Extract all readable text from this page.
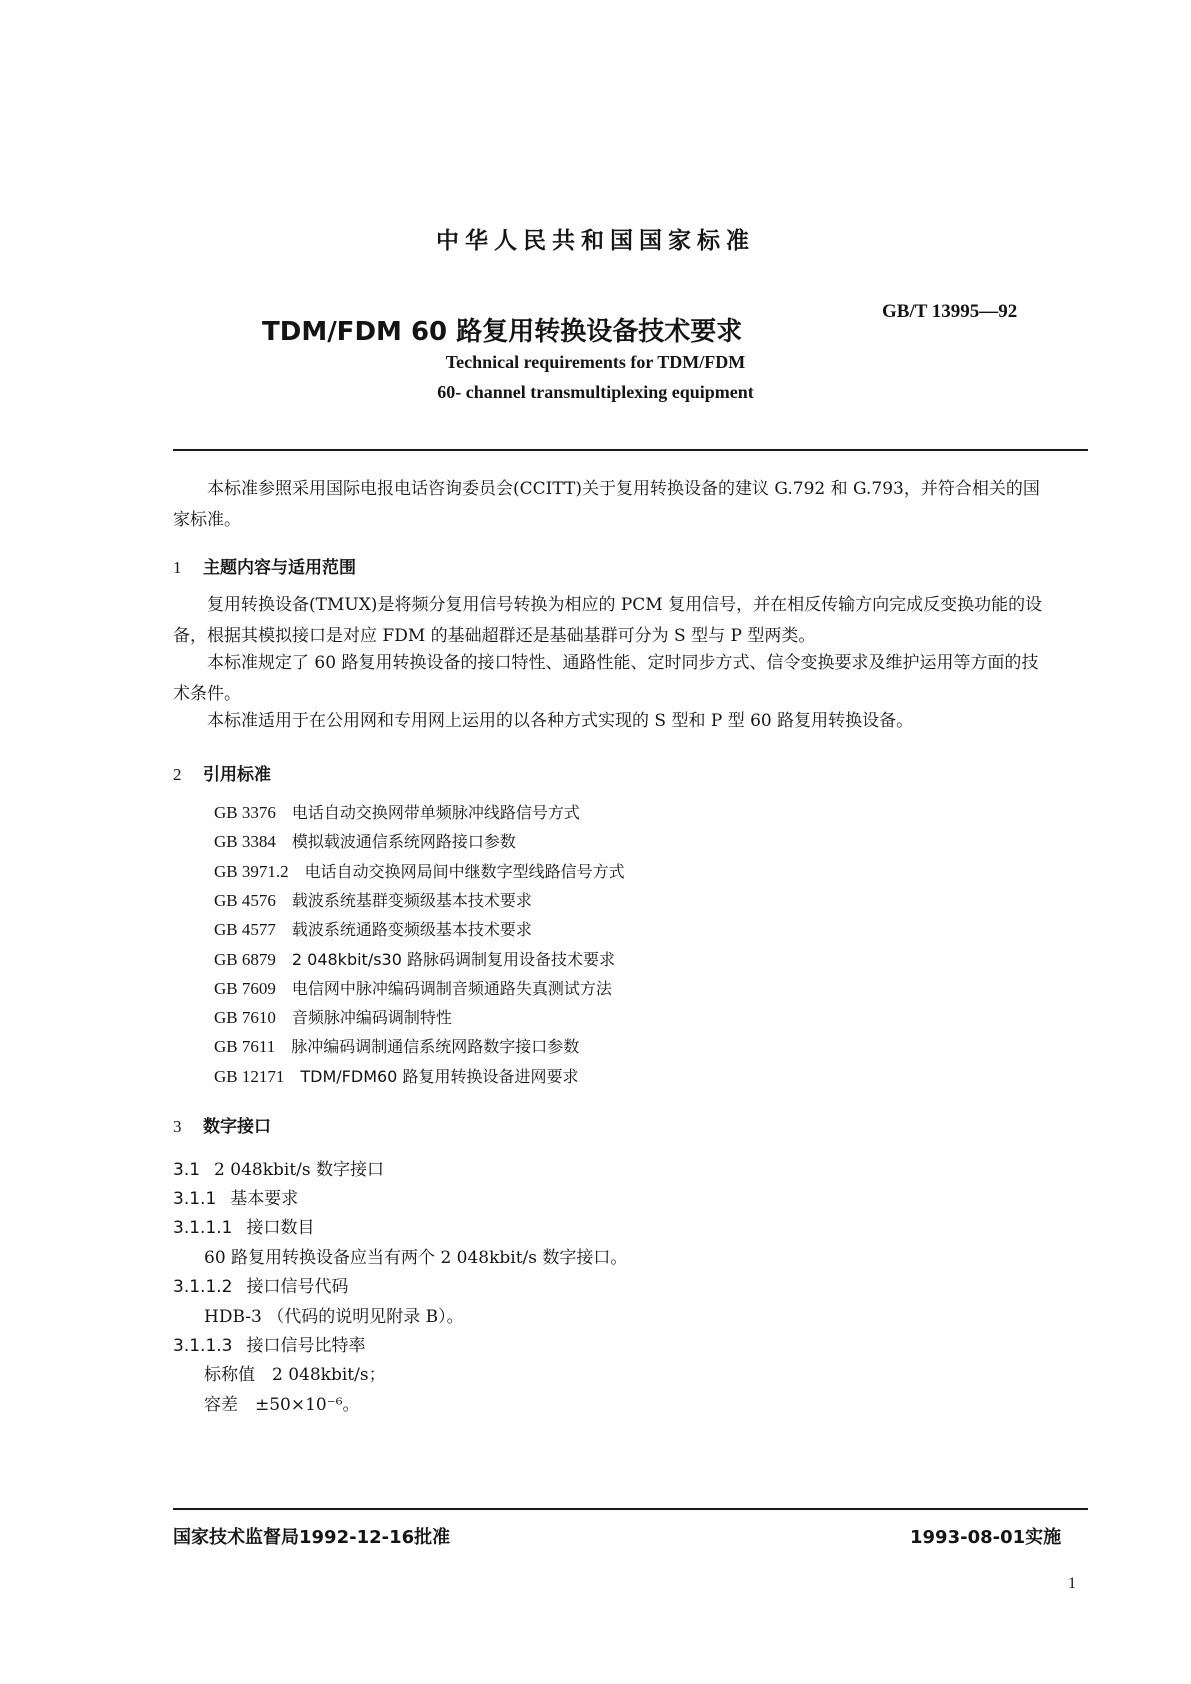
中华人民共和国国家标准
TDM/FDM 60 路复用转换设备技术要求
GB/T 13995—92
Technical requirements for TDM/FDM
60- channel transmultiplexing equipment
本标准参照采用国际电报电话咨询委员会(CCITT)关于复用转换设备的建议 G.792 和 G.793，并符合相关的国家标准。
1 主题内容与适用范围
复用转换设备(TMUX)是将频分复用信号转换为相应的 PCM 复用信号，并在相反传输方向完成反变换功能的设备，根据其模拟接口是对应 FDM 的基础超群还是基础基群可分为 S 型与 P 型两类。
本标准规定了 60 路复用转换设备的接口特性、通路性能、定时同步方式、信令变换要求及维护运用等方面的技术条件。
本标准适用于在公用网和专用网上运用的以各种方式实现的 S 型和 P 型 60 路复用转换设备。
2 引用标准
GB 3376 电话自动交换网带单频脉冲线路信号方式
GB 3384 模拟载波通信系统网路接口参数
GB 3971.2 电话自动交换网局间中继数字型线路信号方式
GB 4576 载波系统基群变频级基本技术要求
GB 4577 载波系统通路变频级基本技术要求
GB 6879 2 048kbit/s30 路脉码调制复用设备技术要求
GB 7609 电信网中脉冲编码调制音频通路失真测试方法
GB 7610 音频脉冲编码调制特性
GB 7611 脉冲编码调制通信系统网路数字接口参数
GB 12171 TDM/FDM60 路复用转换设备进网要求
3 数字接口
3.1 2 048kbit/s 数字接口
3.1.1 基本要求
3.1.1.1 接口数目
60 路复用转换设备应当有两个 2 048kbit/s 数字接口。
3.1.1.2 接口信号代码
HDB-3 （代码的说明见附录 B）。
3.1.1.3 接口信号比特率
标称值　2 048kbit/s；
容差　±50×10⁻⁶。
国家技术监督局1992-12-16批准	1993-08-01实施
1
